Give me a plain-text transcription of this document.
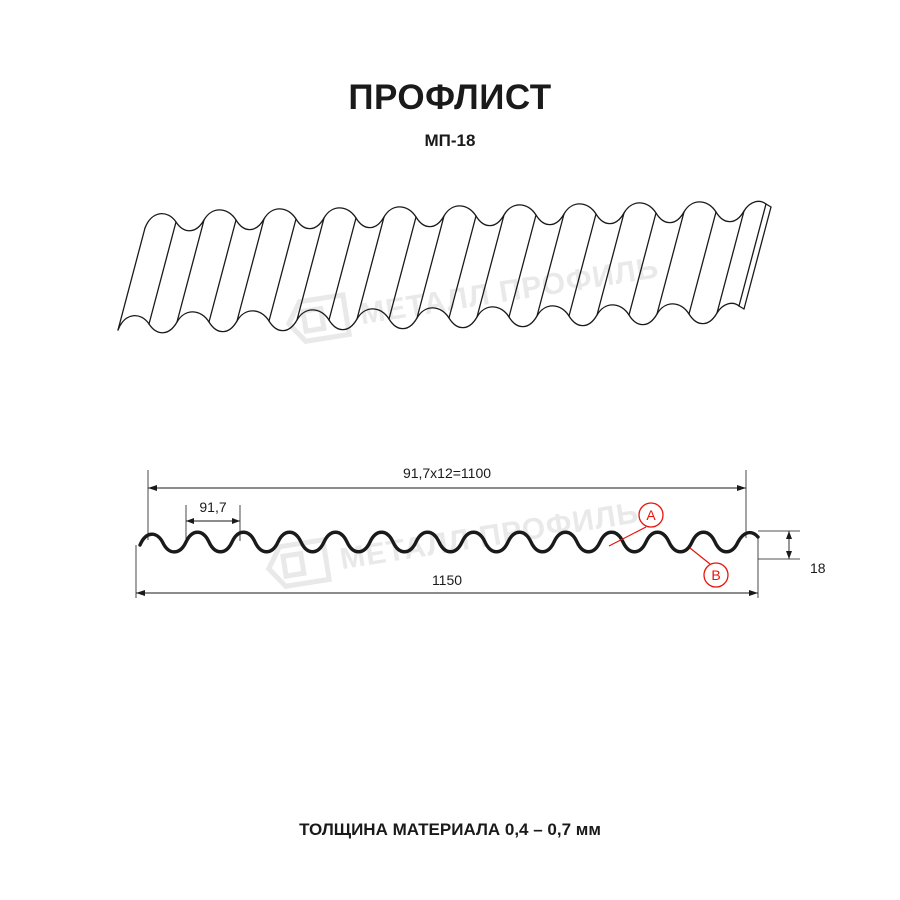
ПРОФЛИСТ
МП-18
МЕТАЛЛ ПРОФИЛЬ
МЕТАЛЛ ПРОФИЛЬ
91,7x12=1100
91,7
1150
18
A
B
ТОЛЩИНА МАТЕРИАЛА 0,4 – 0,7 мм
